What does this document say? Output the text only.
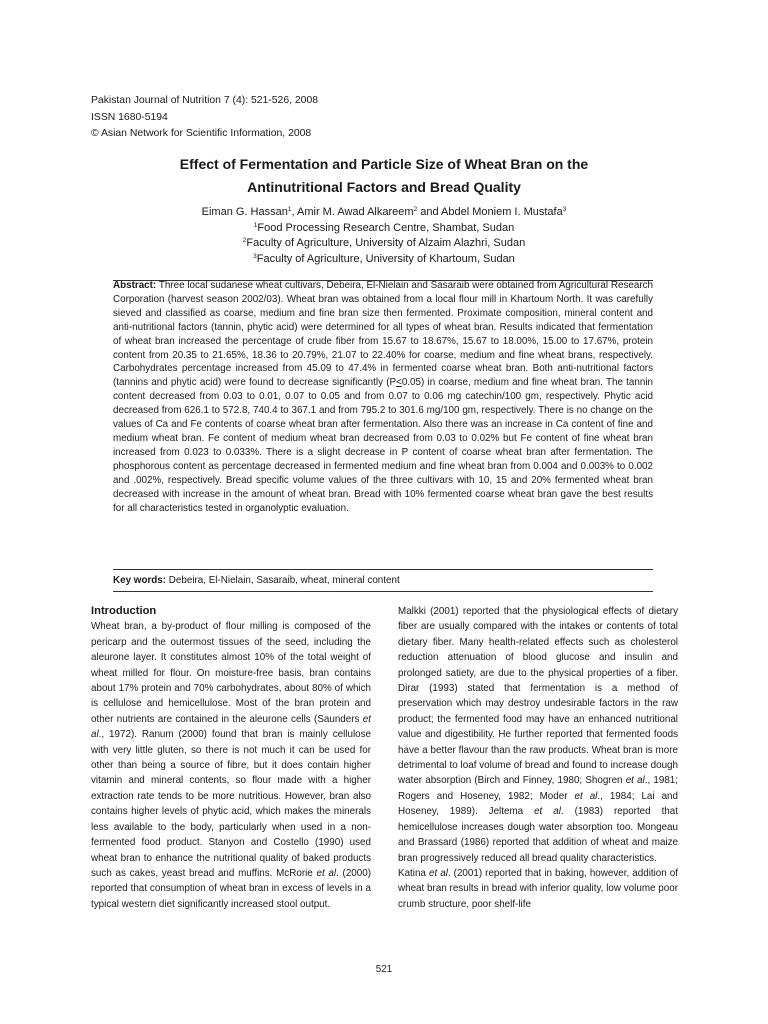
Pakistan Journal of Nutrition 7 (4): 521-526, 2008
ISSN 1680-5194
© Asian Network for Scientific Information, 2008
Effect of Fermentation and Particle Size of Wheat Bran on the
Antinutritional Factors and Bread Quality
Eiman G. Hassan$^1$, Amir M. Awad Alkareem$^2$ and Abdel Moniem I. Mustafa$^3$
$^1$Food Processing Research Centre, Shambat, Sudan
$^2$Faculty of Agriculture, University of Alzaim Alazhri, Sudan
$^3$Faculty of Agriculture, University of Khartoum, Sudan

Abstract: Three local sudanese wheat cultivars, Debeira, El-Nielain and Sasaraib were obtained from Agricultural Research Corporation (harvest season 2002/03). Wheat bran was obtained from a local flour mill in Khartoum North. It was carefully sieved and classified as coarse, medium and fine bran size then fermented. Proximate composition, mineral content and anti-nutritional factors (tannin, phytic acid) were determined for all types of wheat bran. Results indicated that fermentation of wheat bran increased the percentage of crude fiber from 15.67 to 18.67%, 15.67 to 18.00%, 15.00 to 17.67%, protein content from 20.35 to 21.65%, 18.36 to 20.79%, 21.07 to 22.40% for coarse, medium and fine wheat brans, respectively. Carbohydrates percentage increased from 45.09 to 47.4% in fermented coarse wheat bran. Both anti-nutritional factors (tannins and phytic acid) were found to decrease significantly (P<0.05) in coarse, medium and fine wheat bran. The tannin content decreased from 0.03 to 0.01, 0.07 to 0.05 and from 0.07 to 0.06 mg catechin/100 gm, respectively. Phytic acid decreased from 626.1 to 572.8, 740.4 to 367.1 and from 795.2 to 301.6 mg/100 gm, respectively. There is no change on the values of Ca and Fe contents of coarse wheat bran after fermentation. Also there was an increase in Ca content of fine and medium wheat bran. Fe content of medium wheat bran decreased from 0.03 to 0.02% but Fe content of fine wheat bran increased from 0.023 to 0.033%. There is a slight decrease in P content of coarse wheat bran after fermentation. The phosphorous content as percentage decreased in fermented medium and fine wheat bran from 0.004 and 0.003% to 0.002 and .002%, respectively. Bread specific volume values of the three cultivars with 10, 15 and 20% fermented wheat bran decreased with increase in the amount of wheat bran. Bread with 10% fermented coarse wheat bran gave the best results for all characteristics tested in organolyptic evaluation.

Key words: Debeira, El-Nielain, Sasaraib, wheat, mineral content

Introduction

Wheat bran, a by-product of flour milling is composed of the pericarp and the outermost tissues of the seed, including the aleurone layer. It constitutes almost 10% of the total weight of wheat milled for flour. On moisture-free basis, bran contains about 17% protein and 70% carbohydrates, about 80% of which is cellulose and hemicellulose. Most of the bran protein and other nutrients are contained in the aleurone cells (Saunders et al., 1972). Ranum (2000) found that bran is mainly cellulose with very little gluten, so there is not much it can be used for other than being a source of fibre, but it does contain higher vitamin and mineral contents, so flour made with a higher extraction rate tends to be more nutritious. However, bran also contains higher levels of phytic acid, which makes the minerals less available to the body, particularly when used in a non-fermented food product. Stanyon and Costello (1990) used wheat bran to enhance the nutritional quality of baked products such as cakes, yeast bread and muffins. McRorie et al. (2000) reported that consumption of wheat bran in excess of levels in a typical western diet significantly increased stool output.

Malkki (2001) reported that the physiological effects of dietary fiber are usually compared with the intakes or contents of total dietary fiber. Many health-related effects such as cholesterol reduction attenuation of blood glucose and insulin and prolonged satiety, are due to the physical properties of a fiber. Dirar (1993) stated that fermentation is a method of preservation which may destroy undesirable factors in the raw product; the fermented food may have an enhanced nutritional value and digestibility. He further reported that fermented foods have a better flavour than the raw products. Wheat bran is more detrimental to loaf volume of bread and found to increase dough water absorption (Birch and Finney, 1980; Shogren et al., 1981; Rogers and Hoseney, 1982; Moder et al., 1984; Lai and Hoseney, 1989). Jeltema et al. (1983) reported that hemicellulose increases dough water absorption too. Mongeau and Brassard (1986) reported that addition of wheat and maize bran progressively reduced all bread quality characteristics.

Katina et al. (2001) reported that in baking, however, addition of wheat bran results in bread with inferior quality, low volume poor crumb structure, poor shelf-life

521
